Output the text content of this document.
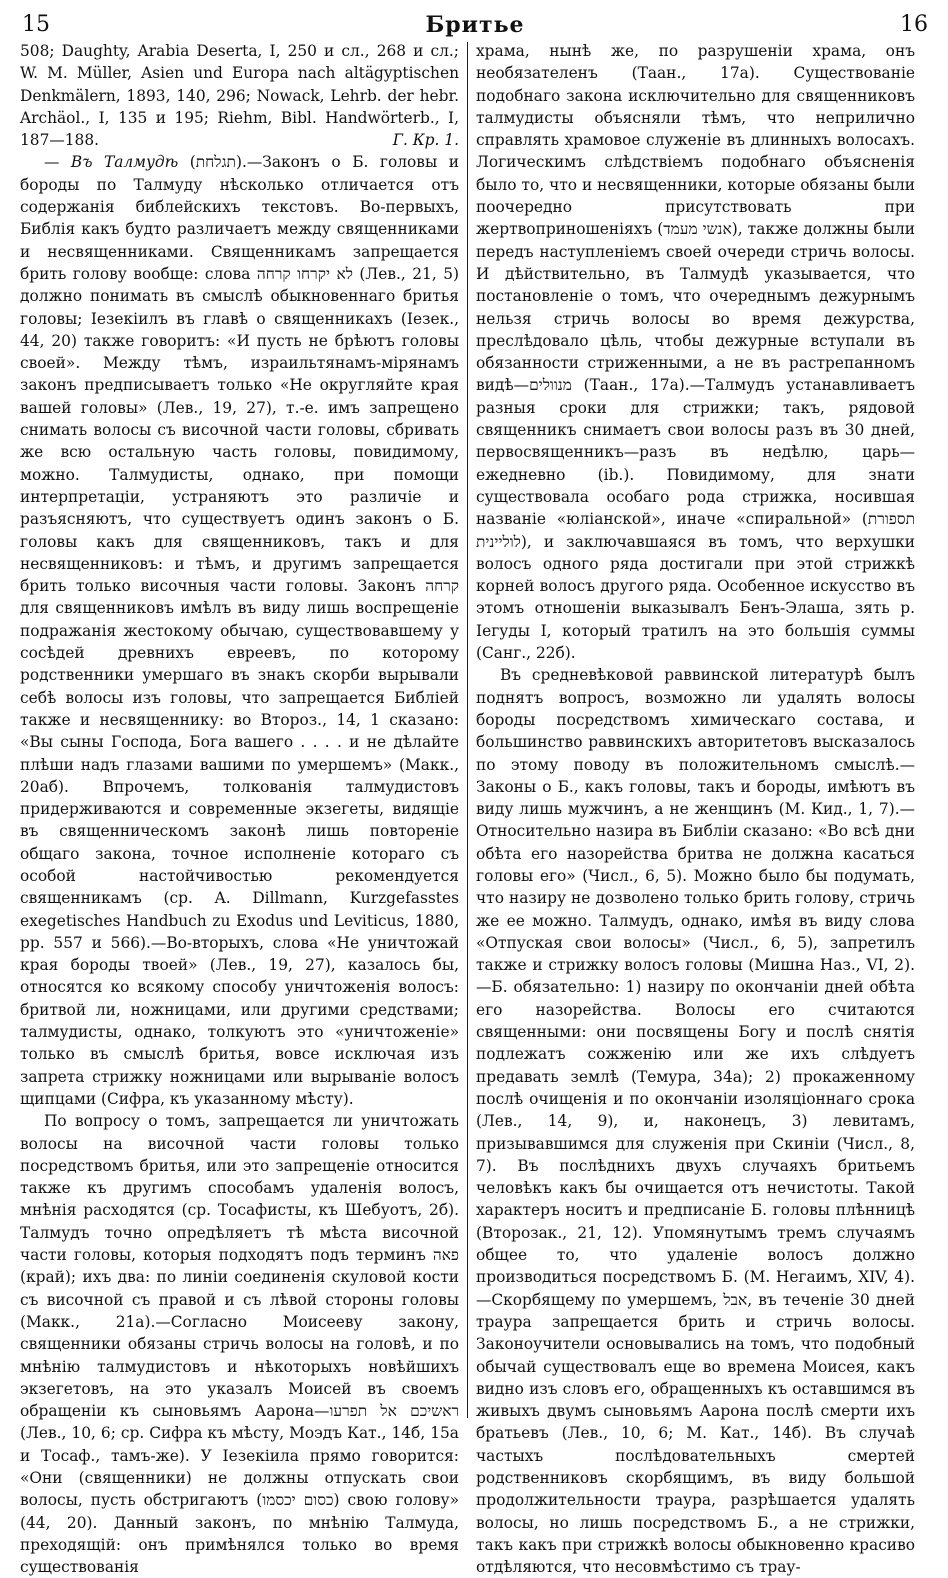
15	Бритье	16

508; Daughty, Arabia Deserta, I, 250 и сл., 268 и сл.; W. M. Müller, Asien und Europa nach altägyptischen Denkmälern, 1893, 140, 296; Nowack, Lehrb. der hebr. Archäol., I, 135 и 195; Riehm, Bibl. Handwörterb., I, 187—188.	Г. Кр. 1.

— Въ Талмудѣ (תגלחת).—Законъ о Б. головы и бороды по Талмуду нѣсколько отличается отъ содержанія библейскихъ текстовъ. Во-первыхъ, Библія какъ будто различаетъ между священниками и несвященниками. Священникамъ запрещается брить голову вообще: слова לא יקרחו קרחה (Лев., 21, 5) должно понимать въ смыслѣ обыкновеннаго бритья головы; Iезекіилъ въ главѣ о священникахъ (Iезек., 44, 20) также говоритъ: «И пусть не брѣютъ головы своей». Между тѣмъ, израильтянамъ-мірянамъ законъ предписываетъ только «Не округляйте края вашей головы» (Лев., 19, 27), т.-е. имъ запрещено снимать волосы съ височной части головы, сбривать же всю остальную часть головы, повидимому, можно. Талмудисты, однако, при помощи интерпретаціи, устраняютъ это различіе и разъясняютъ, что существуетъ одинъ законъ о Б. головы какъ для священниковъ, такъ и для несвященниковъ: и тѣмъ, и другимъ запрещается брить только височныя части головы. Законъ קרחה для священниковъ имѣлъ въ виду лишь воспрещеніе подражанія жестокому обычаю, существовавшему у сосѣдей древнихъ евреевъ, по которому родственники умершаго въ знакъ скорби вырывали себѣ волосы изъ головы, что запрещается Библіей также и несвященнику: во Второз., 14, 1 сказано: «Вы сыны Господа, Бога вашего . . . . и не дѣлайте плѣши надъ глазами вашими по умершемъ» (Макк., 20аб). Впрочемъ, толкованія талмудистовъ придерживаются и современные экзегеты, видящіе въ священническомъ законѣ лишь повтореніе общаго закона, точное исполненіе котораго съ особой настойчивостью рекомендуется священникамъ (ср. A. Dillmann, Kurzgefasstes exegetisches Handbuch zu Exodus und Leviticus, 1880, pp. 557 и 566).—Во-вторыхъ, слова «Не уничтожай края бороды твоей» (Лев., 19, 27), казалось бы, относятся ко всякому способу уничтоженія волосъ: бритвой ли, ножницами, или другими средствами; талмудисты, однако, толкуютъ это «уничтоженіе» только въ смыслѣ бритья, вовсе исключая изъ запрета стрижку ножницами или вырываніе волосъ щипцами (Сифра, къ указанному мѣсту).

По вопросу о томъ, запрещается ли уничтожать волосы на височной части головы только посредствомъ бритья, или это запрещеніе относится также къ другимъ способамъ удаленія волосъ, мнѣнія расходятся (ср. Тосафисты, къ Шебуотъ, 2б). Талмудъ точно опредѣляетъ тѣ мѣста височной части головы, которыя подходятъ подъ терминъ פאה (край); ихъ два: по линіи соединенія скуловой кости съ височной съ правой и съ лѣвой стороны головы (Макк., 21а).—Согласно Моисееву закону, священники обязаны стричь волосы на головѣ, и по мнѣнію талмудистовъ и нѣкоторыхъ новѣйшихъ экзегетовъ, на это указалъ Моисей въ своемъ обращеніи къ сыновьямъ Аарона—ראשיכם אל תפרעו (Лев., 10, 6; ср. Сифра къ мѣсту, Моэдъ Кат., 14б, 15а и Тосаф., тамъ-же). У Iезекіила прямо говорится: «Они (священники) не должны отпускать свои волосы, пусть обстригаютъ (כסום יכסמו) свою голову» (44, 20). Данный законъ, по мнѣнію Талмуда, преходящій: онъ примѣнялся только во время существованія

храма, нынѣ же, по разрушеніи храма, онъ необязателенъ (Таан., 17а). Существованіе подобнаго закона исключительно для священниковъ талмудисты объясняли тѣмъ, что неприлично справлять храмовое служеніе въ длинныхъ волосахъ. Логическимъ слѣдствіемъ подобнаго объясненія было то, что и несвященники, которые обязаны были поочередно присутствовать при жертвоприношеніяхъ (אנשי מעמד), также должны были передъ наступленіемъ своей очереди стричь волосы. И дѣйствительно, въ Талмудѣ указывается, что постановленіе о томъ, что очереднымъ дежурнымъ нельзя стричь волосы во время дежурства, преслѣдовало цѣль, чтобы дежурные вступали въ обязанности стриженными, а не въ растрепанномъ видѣ—מנוולים (Таан., 17а).—Талмудъ устанавливаетъ разныя сроки для стрижки; такъ, рядовой священникъ снимаетъ свои волосы разъ въ 30 дней, первосвященникъ—разъ въ недѣлю, царь—ежедневно (ib.). Повидимому, для знати существовала особаго рода стрижка, носившая названіе «юліанской», иначе «спиральной» (תספורת לוליינית), и заключавшаяся въ томъ, что верхушки волосъ одного ряда достигали при этой стрижкѣ корней волосъ другого ряда. Особенное искусство въ этомъ отношеніи выказывалъ Бенъ-Элаша, зять р. Iегуды I, который тратилъ на это большія суммы (Санг., 22б).

Въ средневѣковой раввинской литературѣ былъ поднятъ вопросъ, возможно ли удалять волосы бороды посредствомъ химическаго состава, и большинство раввинскихъ авторитетовъ высказалось по этому поводу въ положительномъ смыслѣ.—Законы о Б., какъ головы, такъ и бороды, имѣютъ въ виду лишь мужчинъ, а не женщинъ (М. Кид., 1, 7).—Относительно назира въ Библіи сказано: «Во всѣ дни обѣта его назорейства бритва не должна касаться головы его» (Числ., 6, 5). Можно было бы подумать, что назиру не дозволено только брить голову, стричь же ее можно. Талмудъ, однако, имѣя въ виду слова «Отпуская свои волосы» (Числ., 6, 5), запретилъ также и стрижку волосъ головы (Мишна Наз., VI, 2).—Б. обязательно: 1) назиру по окончаніи дней обѣта его назорейства. Волосы его считаются священными: они посвящены Богу и послѣ снятія подлежатъ сожженію или же ихъ слѣдуетъ предавать землѣ (Темура, 34а); 2) прокаженному послѣ очищенія и по окончаніи изоляціоннаго срока (Лев., 14, 9), и, наконецъ, 3) левитамъ, призывавшимся для служенія при Скиніи (Числ., 8, 7). Въ послѣднихъ двухъ случаяхъ бритьемъ человѣкъ какъ бы очищается отъ нечистоты. Такой характеръ носитъ и предписаніе Б. головы плѣнницѣ (Второзак., 21, 12). Упомянутымъ тремъ случаямъ общее то, что удаленіе волосъ должно производиться посредствомъ Б. (М. Негаимъ, XIV, 4).—Скорбящему по умершемъ, אבל, въ теченіе 30 дней траура запрещается брить и стричь волосы. Законоучители основывались на томъ, что подобный обычай существовалъ еще во времена Моисея, какъ видно изъ словъ его, обращенныхъ къ оставшимся въ живыхъ двумъ сыновьямъ Аарона послѣ смерти ихъ братьевъ (Лев., 10, 6; М. Кат., 14б). Въ случаѣ частыхъ послѣдовательныхъ смертей родственниковъ скорбящимъ, въ виду большой продолжительности траура, разрѣшается удалять волосы, но лишь посредствомъ Б., а не стрижки, такъ какъ при стрижкѣ волосы обыкновенно красиво отдѣляются, что несовмѣстимо съ трау-
